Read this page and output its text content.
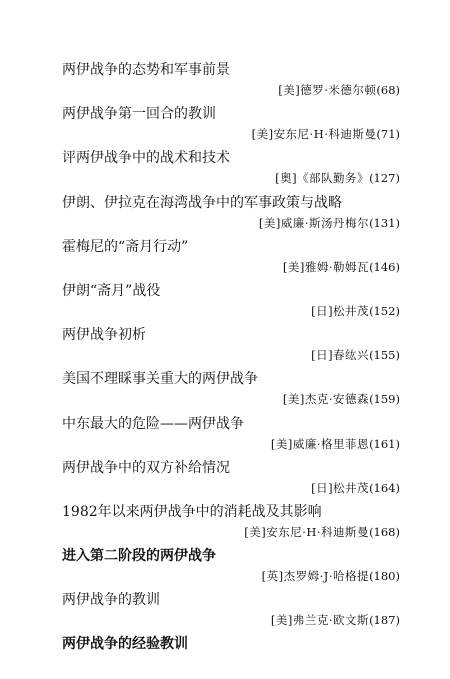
两伊战争的态势和军事前景
[美]德罗·米德尔顿 (68)
两伊战争第一回合的教训
[美]安东尼·H·科迪斯曼 (71)
评两伊战争中的战术和技术
[奥]《部队勤务》 (127)
伊朗、伊拉克在海湾战争中的军事政策与战略
[美]威廉·斯汤丹梅尔 (131)
霍梅尼的“斋月行动”
[美]雅姆·勒姆瓦 (146)
伊朗“斋月”战役
[日]松井茂 (152)
两伊战争初析
[日]春纮兴 (155)
美国不理睬事关重大的两伊战争
[美]杰克·安德森 (159)
中东最大的危险——两伊战争
[美]威廉·格里菲恩 (161)
两伊战争中的双方补给情况
[日]松井茂 (164)
1982年以来两伊战争中的消耗战及其影响
[美]安东尼·H·科迪斯曼 (168)
进入第二阶段的两伊战争
[英]杰罗姆·J·哈格提 (180)
两伊战争的教训
[美]弗兰克·欧文斯 (187)
两伊战争的经验教训
